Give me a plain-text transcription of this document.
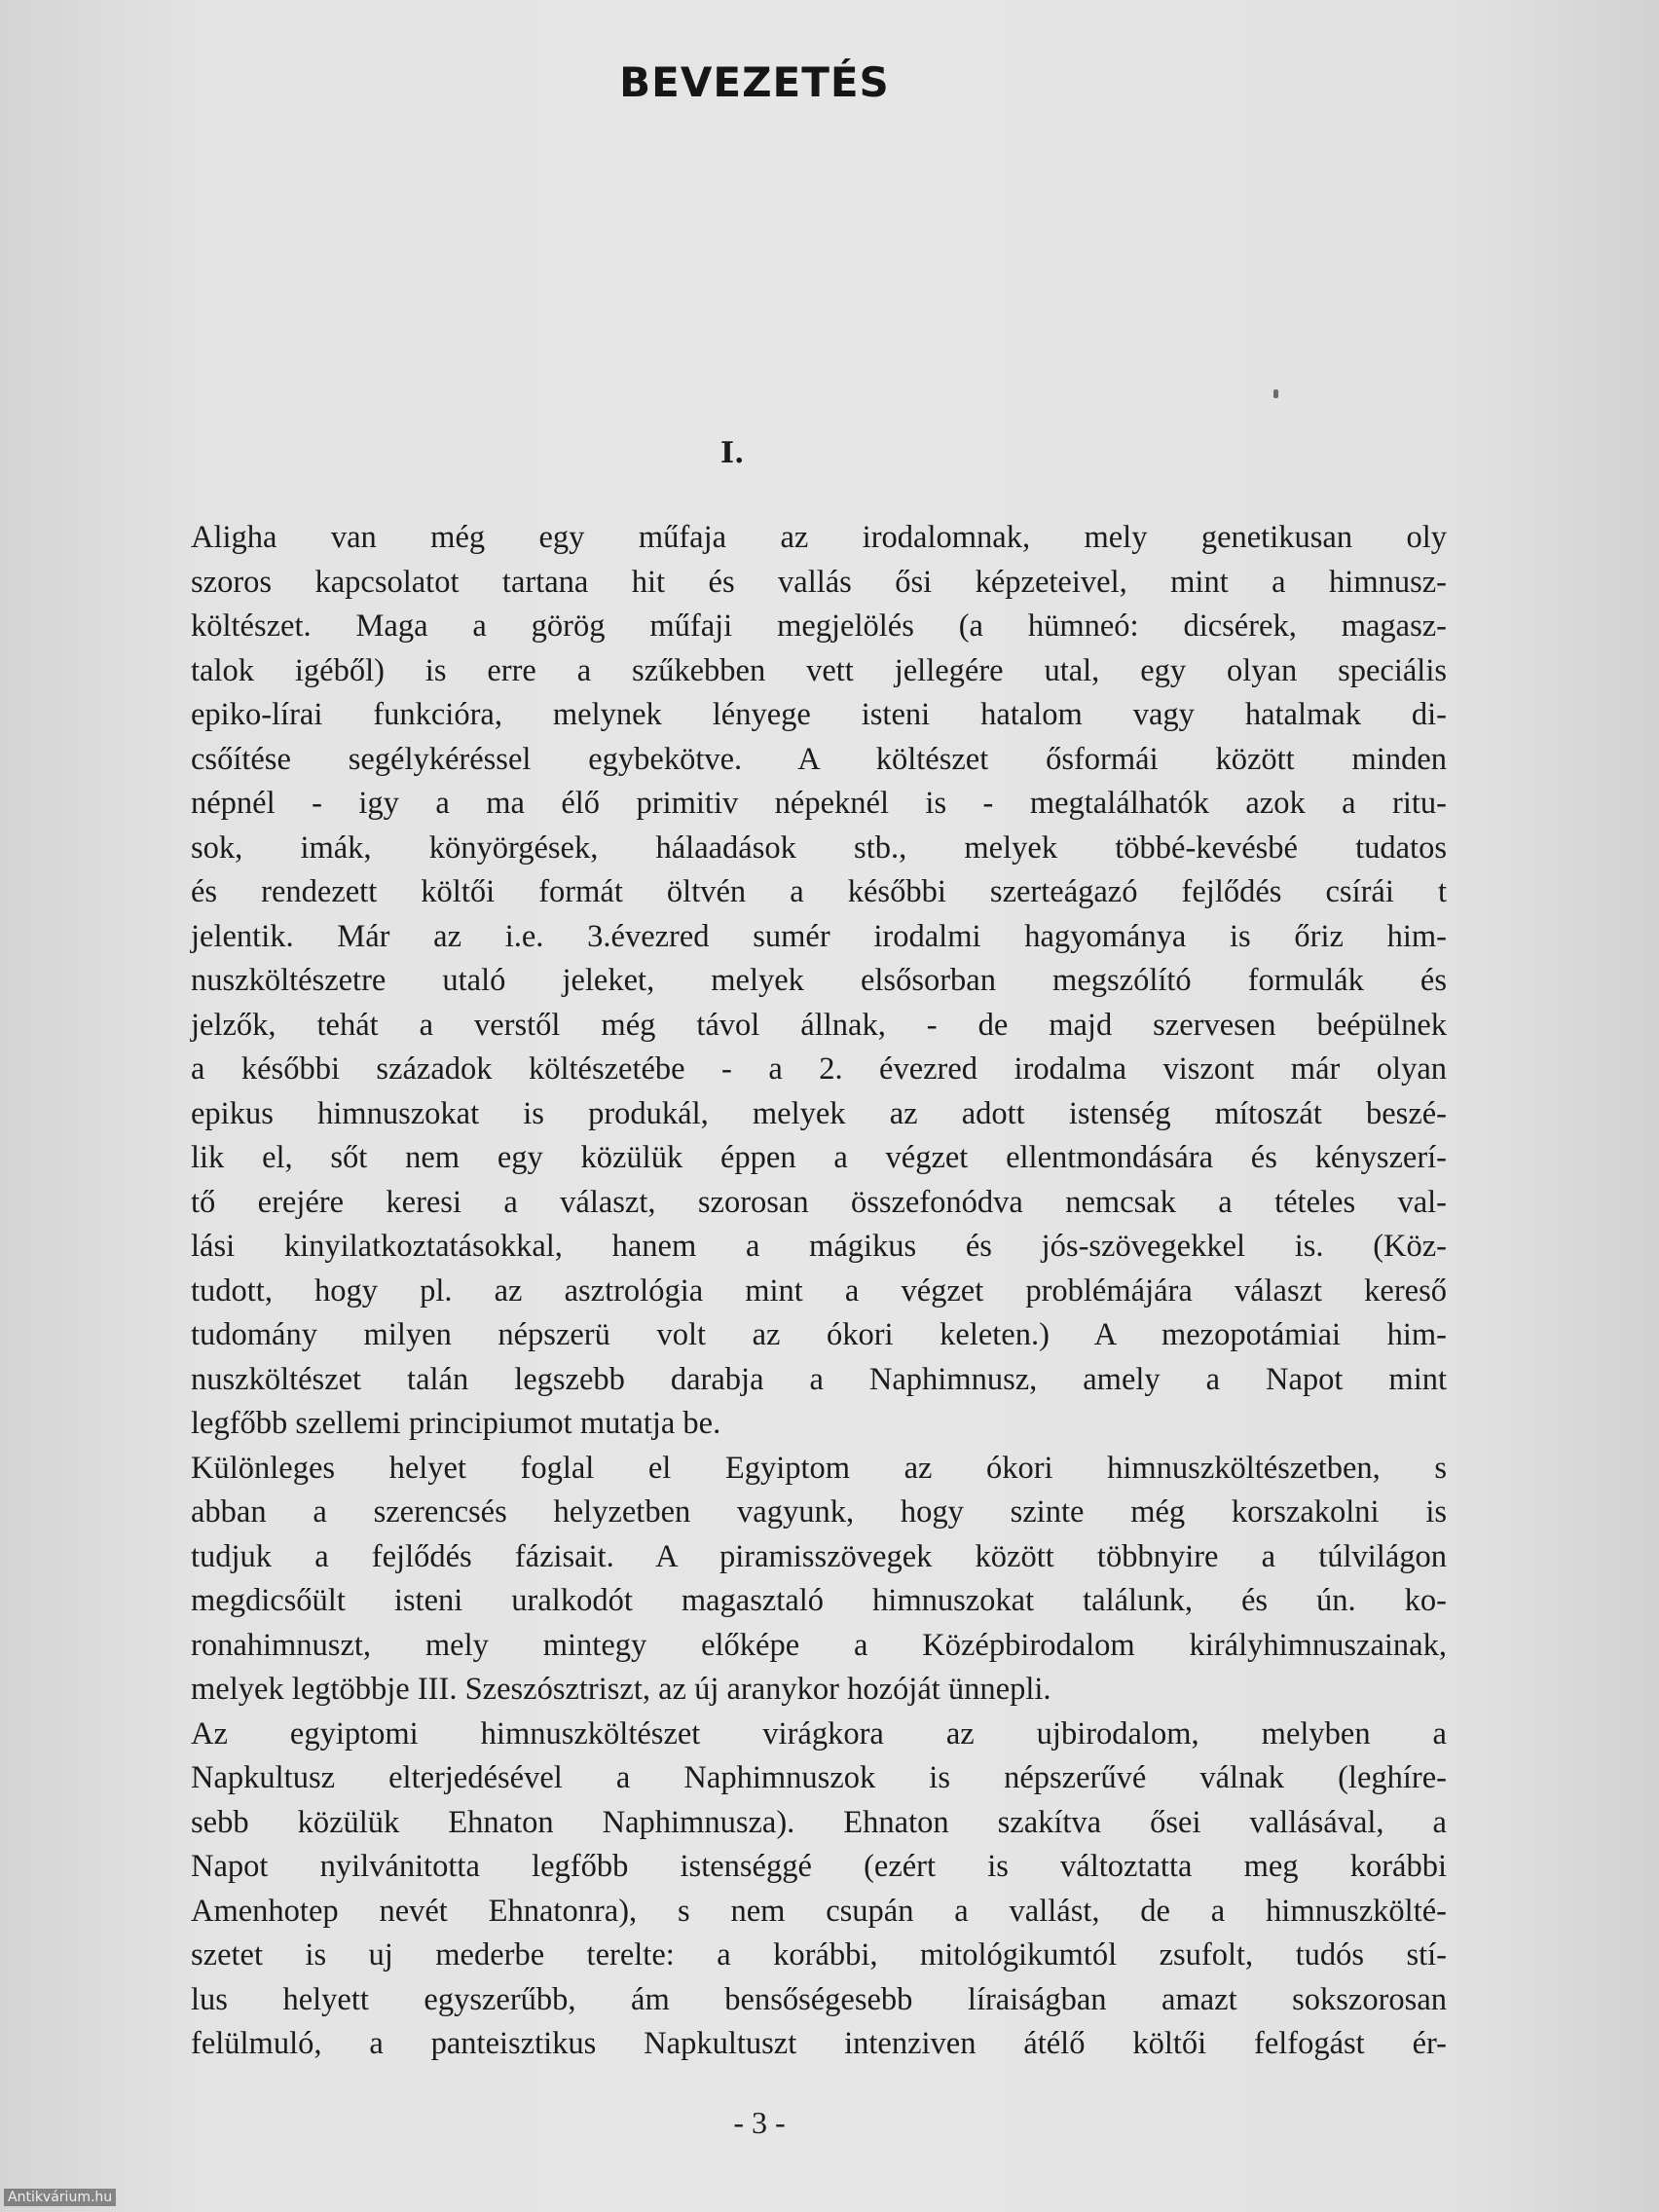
BEVEZETÉS
I.

Aligha van még egy műfaja az irodalomnak, mely genetikusan oly
szoros kapcsolatot tartana hit és vallás ősi képzeteivel, mint a himnusz-
költészet. Maga a görög műfaji megjelölés (a hümneó: dicsérek, magasz-
talok igéből) is erre a szűkebben vett jellegére utal, egy olyan speciális
epiko-lírai funkcióra, melynek lényege isteni hatalom vagy hatalmak di-
csőítése segélykéréssel egybekötve. A költészet ősformái között minden
népnél - igy a ma élő primitiv népeknél is - megtalálhatók azok a ritu-
sok, imák, könyörgések, hálaadások stb., melyek többé-kevésbé tudatos
és rendezett költői formát öltvén a későbbi szerteágazó fejlődés csírái t
jelentik. Már az i.e. 3.évezred sumér irodalmi hagyománya is őriz him-
nuszköltészetre utaló jeleket, melyek elsősorban megszólító formulák és
jelzők, tehát a verstől még távol állnak, - de majd szervesen beépülnek
a későbbi századok költészetébe - a 2. évezred irodalma viszont már olyan
epikus himnuszokat is produkál, melyek az adott istenség mítoszát beszé-
lik el, sőt nem egy közülük éppen a végzet ellentmondására és kényszerí-
tő erejére keresi a választ, szorosan összefonódva nemcsak a tételes val-
lási kinyilatkoztatásokkal, hanem a mágikus és jós-szövegekkel is. (Köz-
tudott, hogy pl. az asztrológia mint a végzet problémájára választ kereső
tudomány milyen népszerü volt az ókori keleten.) A mezopotámiai him-
nuszköltészet talán legszebb darabja a Naphimnusz, amely a Napot mint
legfőbb szellemi principiumot mutatja be.

Különleges helyet foglal el Egyiptom az ókori himnuszköltészetben, s
abban a szerencsés helyzetben vagyunk, hogy szinte még korszakolni is
tudjuk a fejlődés fázisait. A piramisszövegek között többnyire a túlvilágon
megdicsőült isteni uralkodót magasztaló himnuszokat találunk, és ún. ko-
ronahimnuszt, mely mintegy előképe a Középbirodalom királyhimnuszainak,
melyek legtöbbje III. Szeszósztriszt, az új aranykor hozóját ünnepli.

Az egyiptomi himnuszköltészet virágkora az ujbirodalom, melyben a
Napkultusz elterjedésével a Naphimnuszok is népszerűvé válnak (leghíre-
sebb közülük Ehnaton Naphimnusza). Ehnaton szakítva ősei vallásával, a
Napot nyilvánitotta legfőbb istenséggé (ezért is változtatta meg korábbi
Amenhotep nevét Ehnatonra), s nem csupán a vallást, de a himnuszkölté-
szetet is uj mederbe terelte: a korábbi, mitológikumtól zsufolt, tudós stí-
lus helyett egyszerűbb, ám bensőségesebb líraiságban amazt sokszorosan
felülmuló, a panteisztikus Napkultuszt intenziven átélő költői felfogást ér-

- 3 -
Antikvárium.hu
